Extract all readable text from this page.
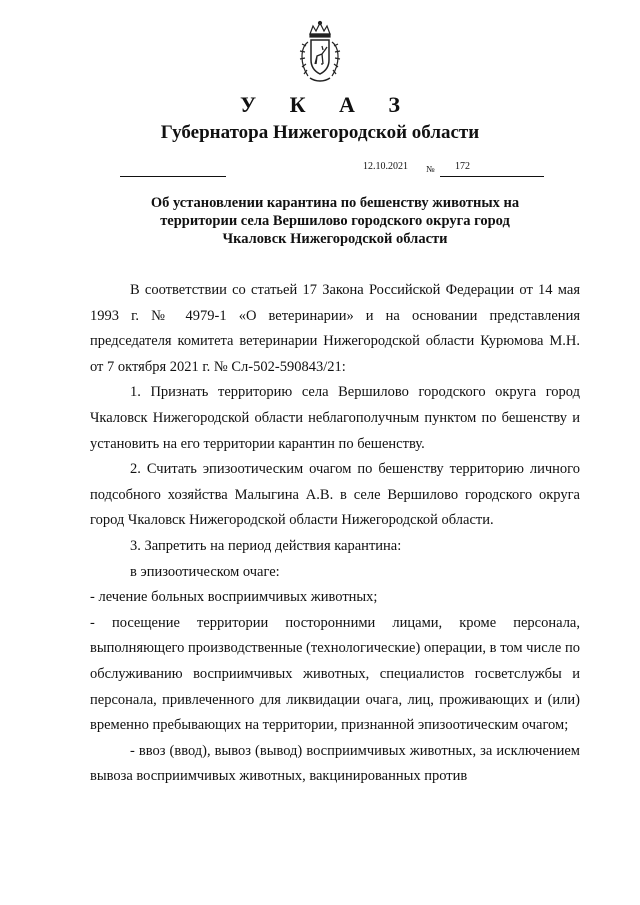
У К А З
Губернатора Нижегородской области
12.10.2021 № 172
Об установлении карантина по бешенству животных на
территории села Вершилово городского округа город
Чкаловск Нижегородской области

В соответствии со статьей 17 Закона Российской Федерации от 14 мая 1993 г. № 4979-1 «О ветеринарии» и на основании представления председателя комитета ветеринарии Нижегородской области Курюмова М.Н. от 7 октября 2021 г. № Сл-502-590843/21:

1. Признать территорию села Вершилово городского округа город Чкаловск Нижегородской области неблагополучным пунктом по бешенству и установить на его территории карантин по бешенству.

2. Считать эпизоотическим очагом по бешенству территорию личного подсобного хозяйства Малыгина А.В. в селе Вершилово городского округа город Чкаловск Нижегородской области Нижегородской области.

3. Запретить на период действия карантина:

в эпизоотическом очаге:

- лечение больных восприимчивых животных;

- посещение территории посторонними лицами, кроме персонала, выполняющего производственные (технологические) операции, в том числе по обслуживанию восприимчивых животных, специалистов госветслужбы и персонала, привлеченного для ликвидации очага, лиц, проживающих и (или) временно пребывающих на территории, признанной эпизоотическим очагом;

- ввоз (ввод), вывоз (вывод) восприимчивых животных, за исключением вывоза восприимчивых животных, вакцинированных против
